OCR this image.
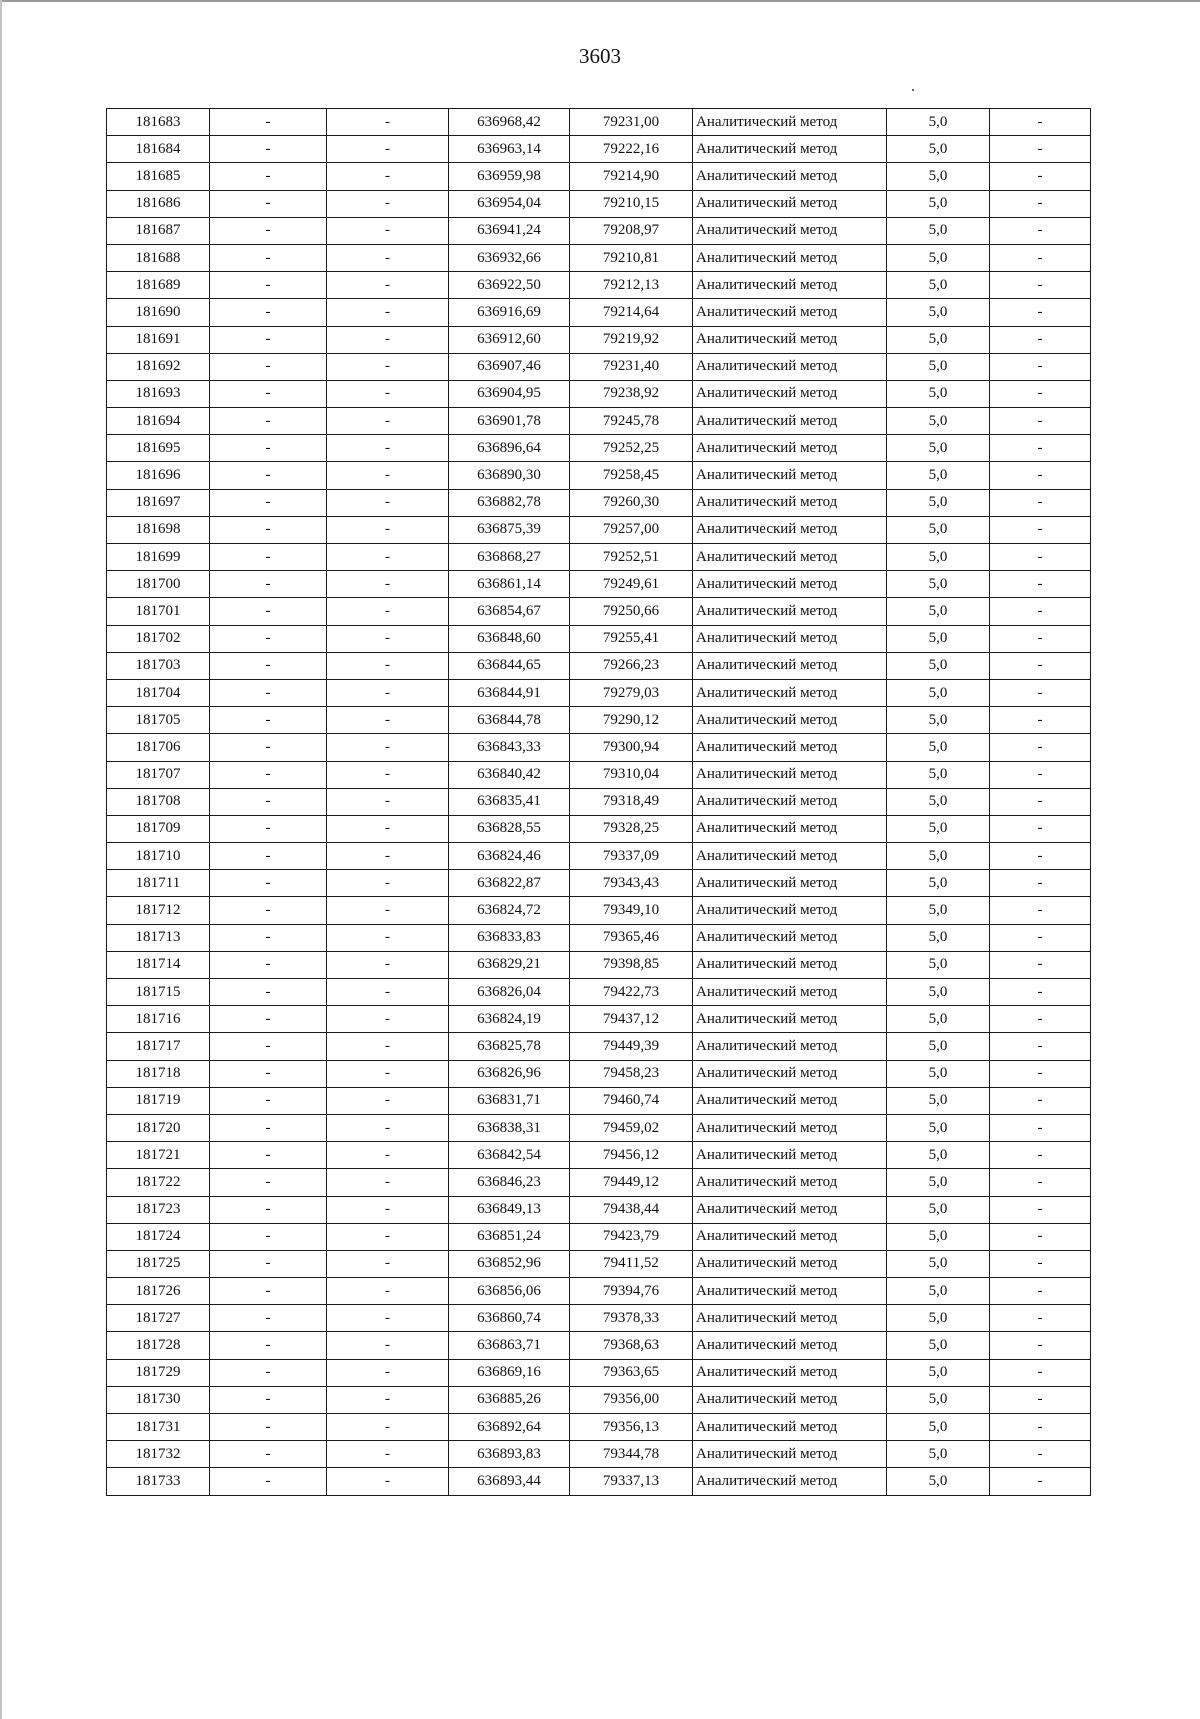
3603
181683	-	-	636968,42	79231,00	Аналитический метод	5,0	-
181684	-	-	636963,14	79222,16	Аналитический метод	5,0	-
181685	-	-	636959,98	79214,90	Аналитический метод	5,0	-
181686	-	-	636954,04	79210,15	Аналитический метод	5,0	-
181687	-	-	636941,24	79208,97	Аналитический метод	5,0	-
181688	-	-	636932,66	79210,81	Аналитический метод	5,0	-
181689	-	-	636922,50	79212,13	Аналитический метод	5,0	-
181690	-	-	636916,69	79214,64	Аналитический метод	5,0	-
181691	-	-	636912,60	79219,92	Аналитический метод	5,0	-
181692	-	-	636907,46	79231,40	Аналитический метод	5,0	-
181693	-	-	636904,95	79238,92	Аналитический метод	5,0	-
181694	-	-	636901,78	79245,78	Аналитический метод	5,0	-
181695	-	-	636896,64	79252,25	Аналитический метод	5,0	-
181696	-	-	636890,30	79258,45	Аналитический метод	5,0	-
181697	-	-	636882,78	79260,30	Аналитический метод	5,0	-
181698	-	-	636875,39	79257,00	Аналитический метод	5,0	-
181699	-	-	636868,27	79252,51	Аналитический метод	5,0	-
181700	-	-	636861,14	79249,61	Аналитический метод	5,0	-
181701	-	-	636854,67	79250,66	Аналитический метод	5,0	-
181702	-	-	636848,60	79255,41	Аналитический метод	5,0	-
181703	-	-	636844,65	79266,23	Аналитический метод	5,0	-
181704	-	-	636844,91	79279,03	Аналитический метод	5,0	-
181705	-	-	636844,78	79290,12	Аналитический метод	5,0	-
181706	-	-	636843,33	79300,94	Аналитический метод	5,0	-
181707	-	-	636840,42	79310,04	Аналитический метод	5,0	-
181708	-	-	636835,41	79318,49	Аналитический метод	5,0	-
181709	-	-	636828,55	79328,25	Аналитический метод	5,0	-
181710	-	-	636824,46	79337,09	Аналитический метод	5,0	-
181711	-	-	636822,87	79343,43	Аналитический метод	5,0	-
181712	-	-	636824,72	79349,10	Аналитический метод	5,0	-
181713	-	-	636833,83	79365,46	Аналитический метод	5,0	-
181714	-	-	636829,21	79398,85	Аналитический метод	5,0	-
181715	-	-	636826,04	79422,73	Аналитический метод	5,0	-
181716	-	-	636824,19	79437,12	Аналитический метод	5,0	-
181717	-	-	636825,78	79449,39	Аналитический метод	5,0	-
181718	-	-	636826,96	79458,23	Аналитический метод	5,0	-
181719	-	-	636831,71	79460,74	Аналитический метод	5,0	-
181720	-	-	636838,31	79459,02	Аналитический метод	5,0	-
181721	-	-	636842,54	79456,12	Аналитический метод	5,0	-
181722	-	-	636846,23	79449,12	Аналитический метод	5,0	-
181723	-	-	636849,13	79438,44	Аналитический метод	5,0	-
181724	-	-	636851,24	79423,79	Аналитический метод	5,0	-
181725	-	-	636852,96	79411,52	Аналитический метод	5,0	-
181726	-	-	636856,06	79394,76	Аналитический метод	5,0	-
181727	-	-	636860,74	79378,33	Аналитический метод	5,0	-
181728	-	-	636863,71	79368,63	Аналитический метод	5,0	-
181729	-	-	636869,16	79363,65	Аналитический метод	5,0	-
181730	-	-	636885,26	79356,00	Аналитический метод	5,0	-
181731	-	-	636892,64	79356,13	Аналитический метод	5,0	-
181732	-	-	636893,83	79344,78	Аналитический метод	5,0	-
181733	-	-	636893,44	79337,13	Аналитический метод	5,0	-
